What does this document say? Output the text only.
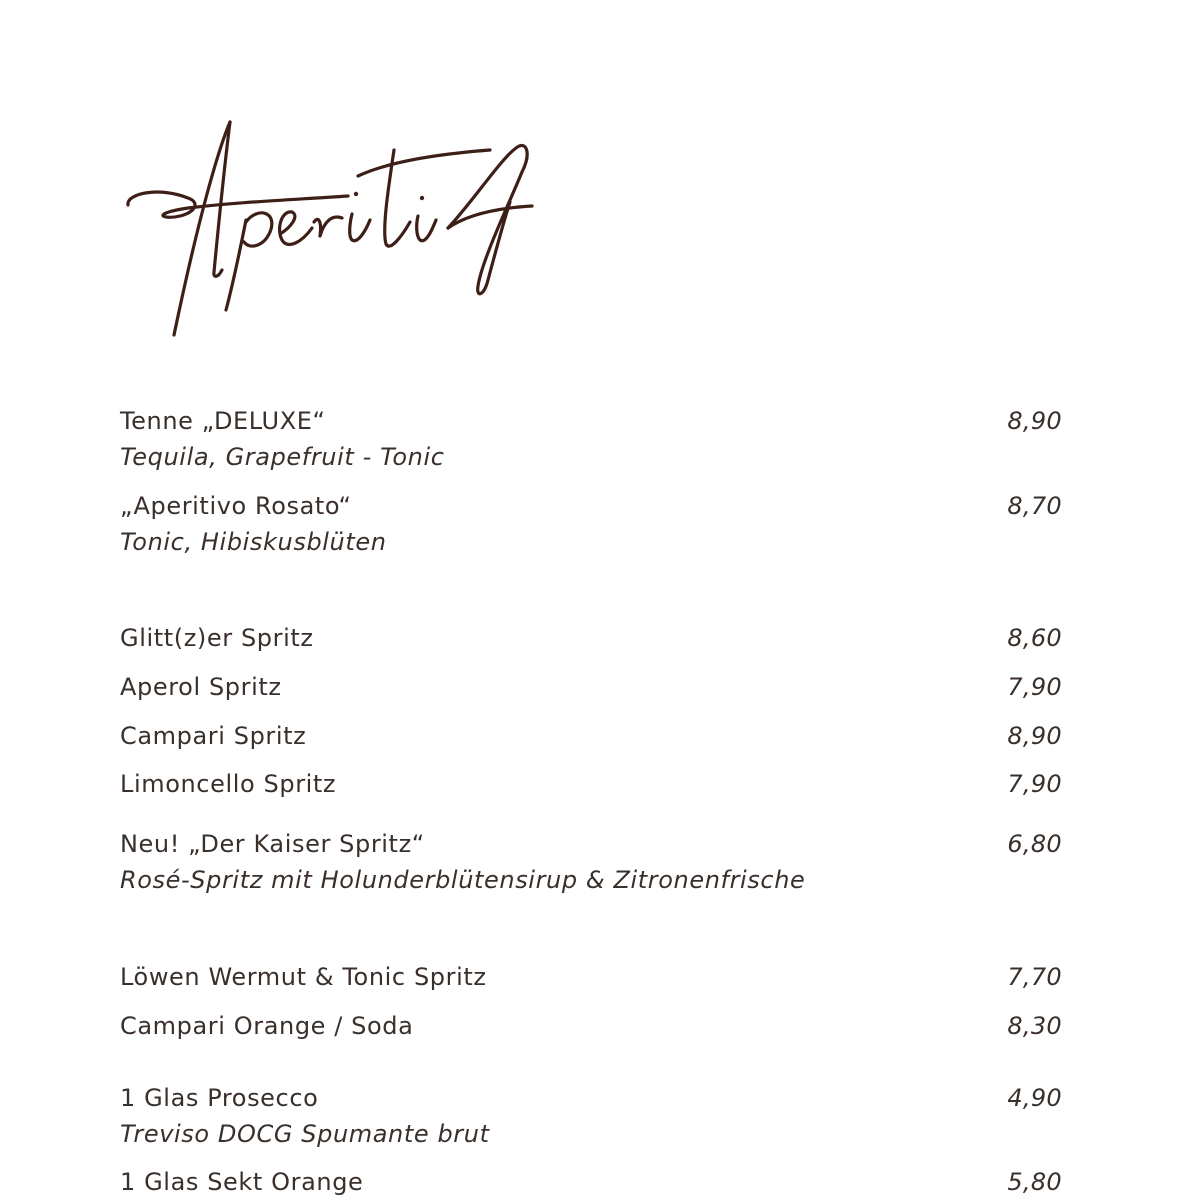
Tenne „DELUXE“	8,90
Tequila, Grapefruit - Tonic
„Aperitivo Rosato“	8,70
Tonic, Hibiskusblüten
Glitt(z)er Spritz	8,60
Aperol Spritz	7,90
Campari Spritz	8,90
Limoncello Spritz	7,90
Neu! „Der Kaiser Spritz“	6,80
Rosé-Spritz mit Holunderblütensirup & Zitronenfrische
Löwen Wermut & Tonic Spritz	7,70
Campari Orange / Soda	8,30
1 Glas Prosecco	4,90
Treviso DOCG Spumante brut
1 Glas Sekt Orange	5,80
